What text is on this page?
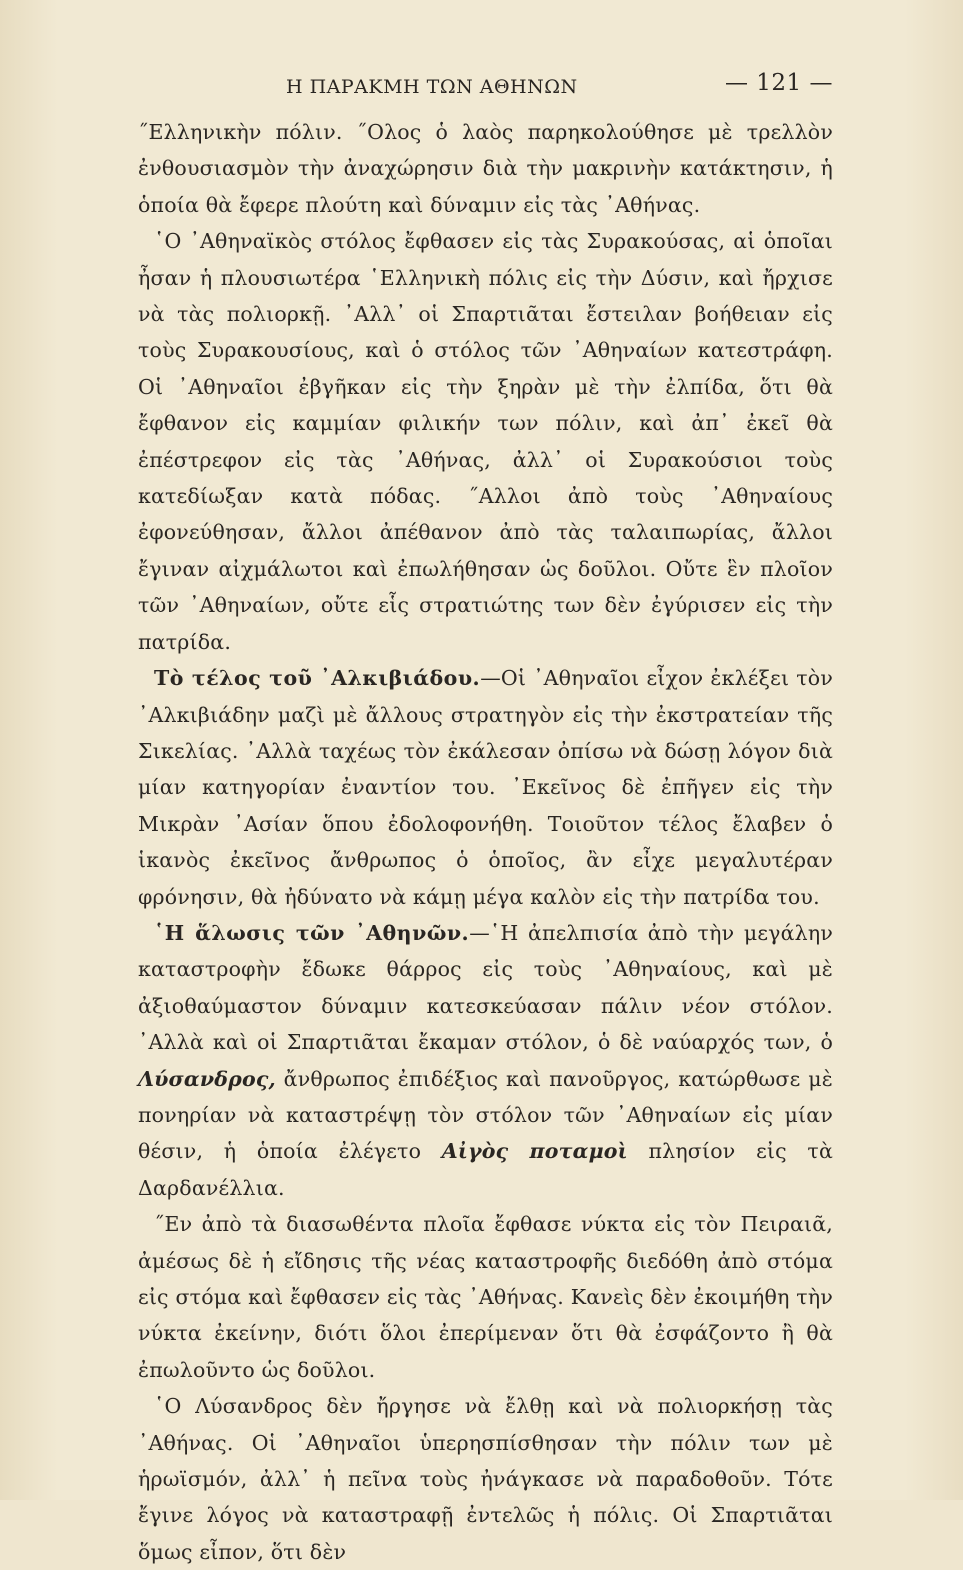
Η ΠΑΡΑΚΜΗ ΤΩΝ ΑΘΗΝΩΝ	— 121 —

˝Ελληνικὴν πόλιν. ˝Ολος ὁ λαὸς παρηκολούθησε μὲ τρελλὸν ἐνθουσιασμὸν τὴν ἀναχώρησιν διὰ τὴν μακρινὴν κατάκτησιν, ἡ ὁποία θὰ ἔφερε πλούτη καὶ δύναμιν εἰς τὰς ᾿Αθήνας.

῾Ο ᾿Αθηναϊκὸς στόλος ἔφθασεν εἰς τὰς Συρακούσας, αἱ ὁποῖαι ἦσαν ἡ πλουσιωτέρα ῾Ελληνικὴ πόλις εἰς τὴν Δύσιν, καὶ ἤρχισε νὰ τὰς πολιορκῇ. ᾿Αλλ᾿ οἱ Σπαρτιᾶται ἔστειλαν βοήθειαν εἰς τοὺς Συρακουσίους, καὶ ὁ στόλος τῶν ᾿Αθηναίων κατεστράφη. Οἱ ᾿Αθηναῖοι ἐβγῆκαν εἰς τὴν ξηρὰν μὲ τὴν ἐλπίδα, ὅτι θὰ ἔφθανον εἰς καμμίαν φιλικήν των πόλιν, καὶ ἀπ᾿ ἐκεῖ θὰ ἐπέστρεφον εἰς τὰς ᾿Αθήνας, ἀλλ᾿ οἱ Συρακούσιοι τοὺς κατεδίωξαν κατὰ πόδας. ˝Αλλοι ἀπὸ τοὺς ᾿Αθηναίους ἐφονεύθησαν, ἄλλοι ἀπέθανον ἀπὸ τὰς ταλαιπωρίας, ἄλλοι ἔγιναν αἰχμάλωτοι καὶ ἐπωλήθησαν ὡς δοῦλοι. Οὔτε ἓν πλοῖον τῶν ᾿Αθηναίων, οὔτε εἷς στρατιώτης των δὲν ἐγύρισεν εἰς τὴν πατρίδα.

Τὸ τέλος τοῦ ᾿Αλκιβιάδου.—Οἱ ᾿Αθηναῖοι εἶχον ἐκλέξει τὸν ᾿Αλκιβιάδην μαζὶ μὲ ἄλλους στρατηγὸν εἰς τὴν ἐκστρατείαν τῆς Σικελίας. ᾿Αλλὰ ταχέως τὸν ἐκάλεσαν ὀπίσω νὰ δώσῃ λόγον διὰ μίαν κατηγορίαν ἐναντίον του. ᾿Εκεῖνος δὲ ἐπῆγεν εἰς τὴν Μικρὰν ᾿Ασίαν ὅπου ἐδολοφονήθη. Τοιοῦτον τέλος ἔλαβεν ὁ ἱκανὸς ἐκεῖνος ἄνθρωπος ὁ ὁποῖος, ἂν εἶχε μεγαλυτέραν φρόνησιν, θὰ ἠδύνατο νὰ κάμῃ μέγα καλὸν εἰς τὴν πατρίδα του.

῾Η ἅλωσις τῶν ᾿Αθηνῶν.—῾Η ἀπελπισία ἀπὸ τὴν μεγάλην καταστροφὴν ἔδωκε θάρρος εἰς τοὺς ᾿Αθηναίους, καὶ μὲ ἀξιοθαύμαστον δύναμιν κατεσκεύασαν πάλιν νέον στόλον. ᾿Αλλὰ καὶ οἱ Σπαρτιᾶται ἔκαμαν στόλον, ὁ δὲ ναύαρχός των, ὁ Λύσανδρος, ἄνθρωπος ἐπιδέξιος καὶ πανοῦργος, κατώρθωσε μὲ πονηρίαν νὰ καταστρέψῃ τὸν στόλον τῶν ᾿Αθηναίων εἰς μίαν θέσιν, ἡ ὁποία ἐλέγετο Αἰγὸς ποταμοὶ πλησίον εἰς τὰ Δαρδανέλλια.

˝Εν ἀπὸ τὰ διασωθέντα πλοῖα ἔφθασε νύκτα εἰς τὸν Πειραιᾶ, ἀμέσως δὲ ἡ εἴδησις τῆς νέας καταστροφῆς διεδόθη ἀπὸ στόμα εἰς στόμα καὶ ἔφθασεν εἰς τὰς ᾿Αθήνας. Κανεὶς δὲν ἐκοιμήθη τὴν νύκτα ἐκείνην, διότι ὅλοι ἐπερίμεναν ὅτι θὰ ἐσφάζοντο ἢ θὰ ἐπωλοῦντο ὡς δοῦλοι.

῾Ο Λύσανδρος δὲν ἤργησε νὰ ἔλθῃ καὶ νὰ πολιορκήσῃ τὰς ᾿Αθήνας. Οἱ ᾿Αθηναῖοι ὑπερησπίσθησαν τὴν πόλιν των μὲ ἡρωϊσμόν, ἀλλ᾿ ἡ πεῖνα τοὺς ἠνάγκασε νὰ παραδοθοῦν. Τότε ἔγινε λόγος νὰ καταστραφῇ ἐντελῶς ἡ πόλις. Οἱ Σπαρτιᾶται ὅμως εἶπον, ὅτι δὲν
